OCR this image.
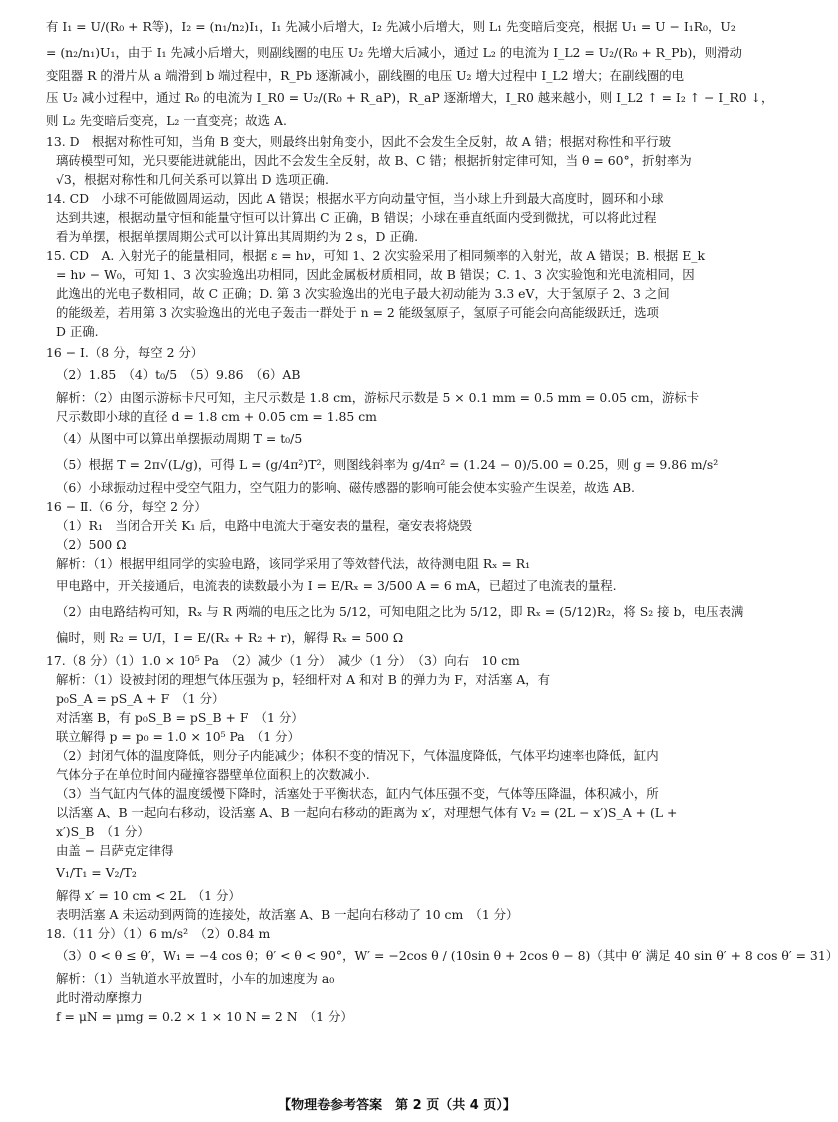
有 I₁ = U/(R₀ + R等)，I₂ = (n₁/n₂)I₁，I₁ 先减小后增大，I₂ 先减小后增大，则 L₁ 先变暗后变亮，根据 U₁ = U − I₁R₀，U₂
= (n₂/n₁)U₁，由于 I₁ 先减小后增大，则副线圈的电压 U₂ 先增大后减小，通过 L₂ 的电流为 I_L2 = U₂/(R₀ + R_Pb)，则滑动
变阻器 R 的滑片从 a 端滑到 b 端过程中，R_Pb 逐渐减小，副线圈的电压 U₂ 增大过程中 I_L2 增大；在副线圈的电
压 U₂ 减小过程中，通过 R₀ 的电流为 I_R0 = U₂/(R₀ + R_aP)，R_aP 逐渐增大，I_R0 越来越小，则 I_L2 ↑ = I₂ ↑ − I_R0 ↓，
则 L₂ 先变暗后变亮，L₂ 一直变亮；故选 A.
13. D　根据对称性可知，当角 B 变大，则最终出射角变小，因此不会发生全反射，故 A 错；根据对称性和平行玻
璃砖模型可知，光只要能进就能出，因此不会发生全反射，故 B、C 错；根据折射定律可知，当 θ = 60°，折射率为
√3，根据对称性和几何关系可以算出 D 选项正确.
14. CD　小球不可能做圆周运动，因此 A 错误；根据水平方向动量守恒，当小球上升到最大高度时，圆环和小球
达到共速，根据动量守恒和能量守恒可以计算出 C 正确，B 错误；小球在垂直纸面内受到微扰，可以将此过程
看为单摆，根据单摆周期公式可以计算出其周期约为 2 s，D 正确.
15. CD　A. 入射光子的能量相同，根据 ε = hν，可知 1、2 次实验采用了相同频率的入射光，故 A 错误；B. 根据 E_k
= hν − W₀，可知 1、3 次实验逸出功相同，因此金属板材质相同，故 B 错误；C. 1、3 次实验饱和光电流相同，因
此逸出的光电子数相同，故 C 正确；D. 第 3 次实验逸出的光电子最大初动能为 3.3 eV，大于氢原子 2、3 之间
的能级差，若用第 3 次实验逸出的光电子轰击一群处于 n = 2 能级氢原子，氢原子可能会向高能级跃迁，选项
D 正确.
16 − Ⅰ.（8 分，每空 2 分）
（2）1.85　（4）t₀/5　（5）9.86　（6）AB
解析：（2）由图示游标卡尺可知，主尺示数是 1.8 cm，游标尺示数是 5 × 0.1 mm = 0.5 mm = 0.05 cm，游标卡
尺示数即小球的直径 d = 1.8 cm + 0.05 cm = 1.85 cm
（4）从图中可以算出单摆振动周期 T = t₀/5
（5）根据 T = 2π√(L/g)，可得 L = (g/4π²)T²，则图线斜率为 g/4π² = (1.24 − 0)/5.00 = 0.25，则 g = 9.86 m/s²
（6）小球振动过程中受空气阻力，空气阻力的影响、磁传感器的影响可能会使本实验产生误差，故选 AB.
16 − Ⅱ.（6 分，每空 2 分）
（1）R₁　当闭合开关 K₁ 后，电路中电流大于毫安表的量程，毫安表将烧毁
（2）500 Ω
解析：（1）根据甲组同学的实验电路，该同学采用了等效替代法，故待测电阻 Rₓ = R₁
甲电路中，开关接通后，电流表的读数最小为 I = E/Rₓ = 3/500 A = 6 mA，已超过了电流表的量程.
（2）由电路结构可知，Rₓ 与 R 两端的电压之比为 5/12，可知电阻之比为 5/12，即 Rₓ = (5/12)R₂，将 S₂ 接 b，电压表满
偏时，则 R₂ = U/I，I = E/(Rₓ + R₂ + r)，解得 Rₓ = 500 Ω
17.（8 分）（1）1.0 × 10⁵ Pa　（2）减少（1 分）　减少（1 分）　（3）向右　10 cm
解析：（1）设被封闭的理想气体压强为 p，轻细杆对 A 和对 B 的弹力为 F，对活塞 A，有
p₀S_A = pS_A + F　（1 分）
对活塞 B，有 p₀S_B = pS_B + F　（1 分）
联立解得 p = p₀ = 1.0 × 10⁵ Pa　（1 分）
（2）封闭气体的温度降低，则分子内能减少；体积不变的情况下，气体温度降低，气体平均速率也降低，缸内
气体分子在单位时间内碰撞容器壁单位面积上的次数减小.
（3）当气缸内气体的温度缓慢下降时，活塞处于平衡状态，缸内气体压强不变，气体等压降温，体积减小，所
以活塞 A、B 一起向右移动，设活塞 A、B 一起向右移动的距离为 x′，对理想气体有 V₂ = (2L − x′)S_A + (L +
x′)S_B　（1 分）
由盖 − 吕萨克定律得
V₁/T₁ = V₂/T₂
解得 x′ = 10 cm < 2L　（1 分）
表明活塞 A 未运动到两筒的连接处，故活塞 A、B 一起向右移动了 10 cm　（1 分）
18.（11 分）（1）6 m/s²　（2）0.84 m
（3）0 < θ ≤ θ′，W₁ = −4 cos θ；θ′ < θ < 90°，W′ = −2cos θ / (10sin θ + 2cos θ − 8)（其中 θ′ 满足 40 sin θ′ + 8 cos θ′ = 31）
解析：（1）当轨道水平放置时，小车的加速度为 a₀
此时滑动摩擦力
f = μN = μmg = 0.2 × 1 × 10 N = 2 N　（1 分）
【物理卷参考答案　第 2 页（共 4 页）】
